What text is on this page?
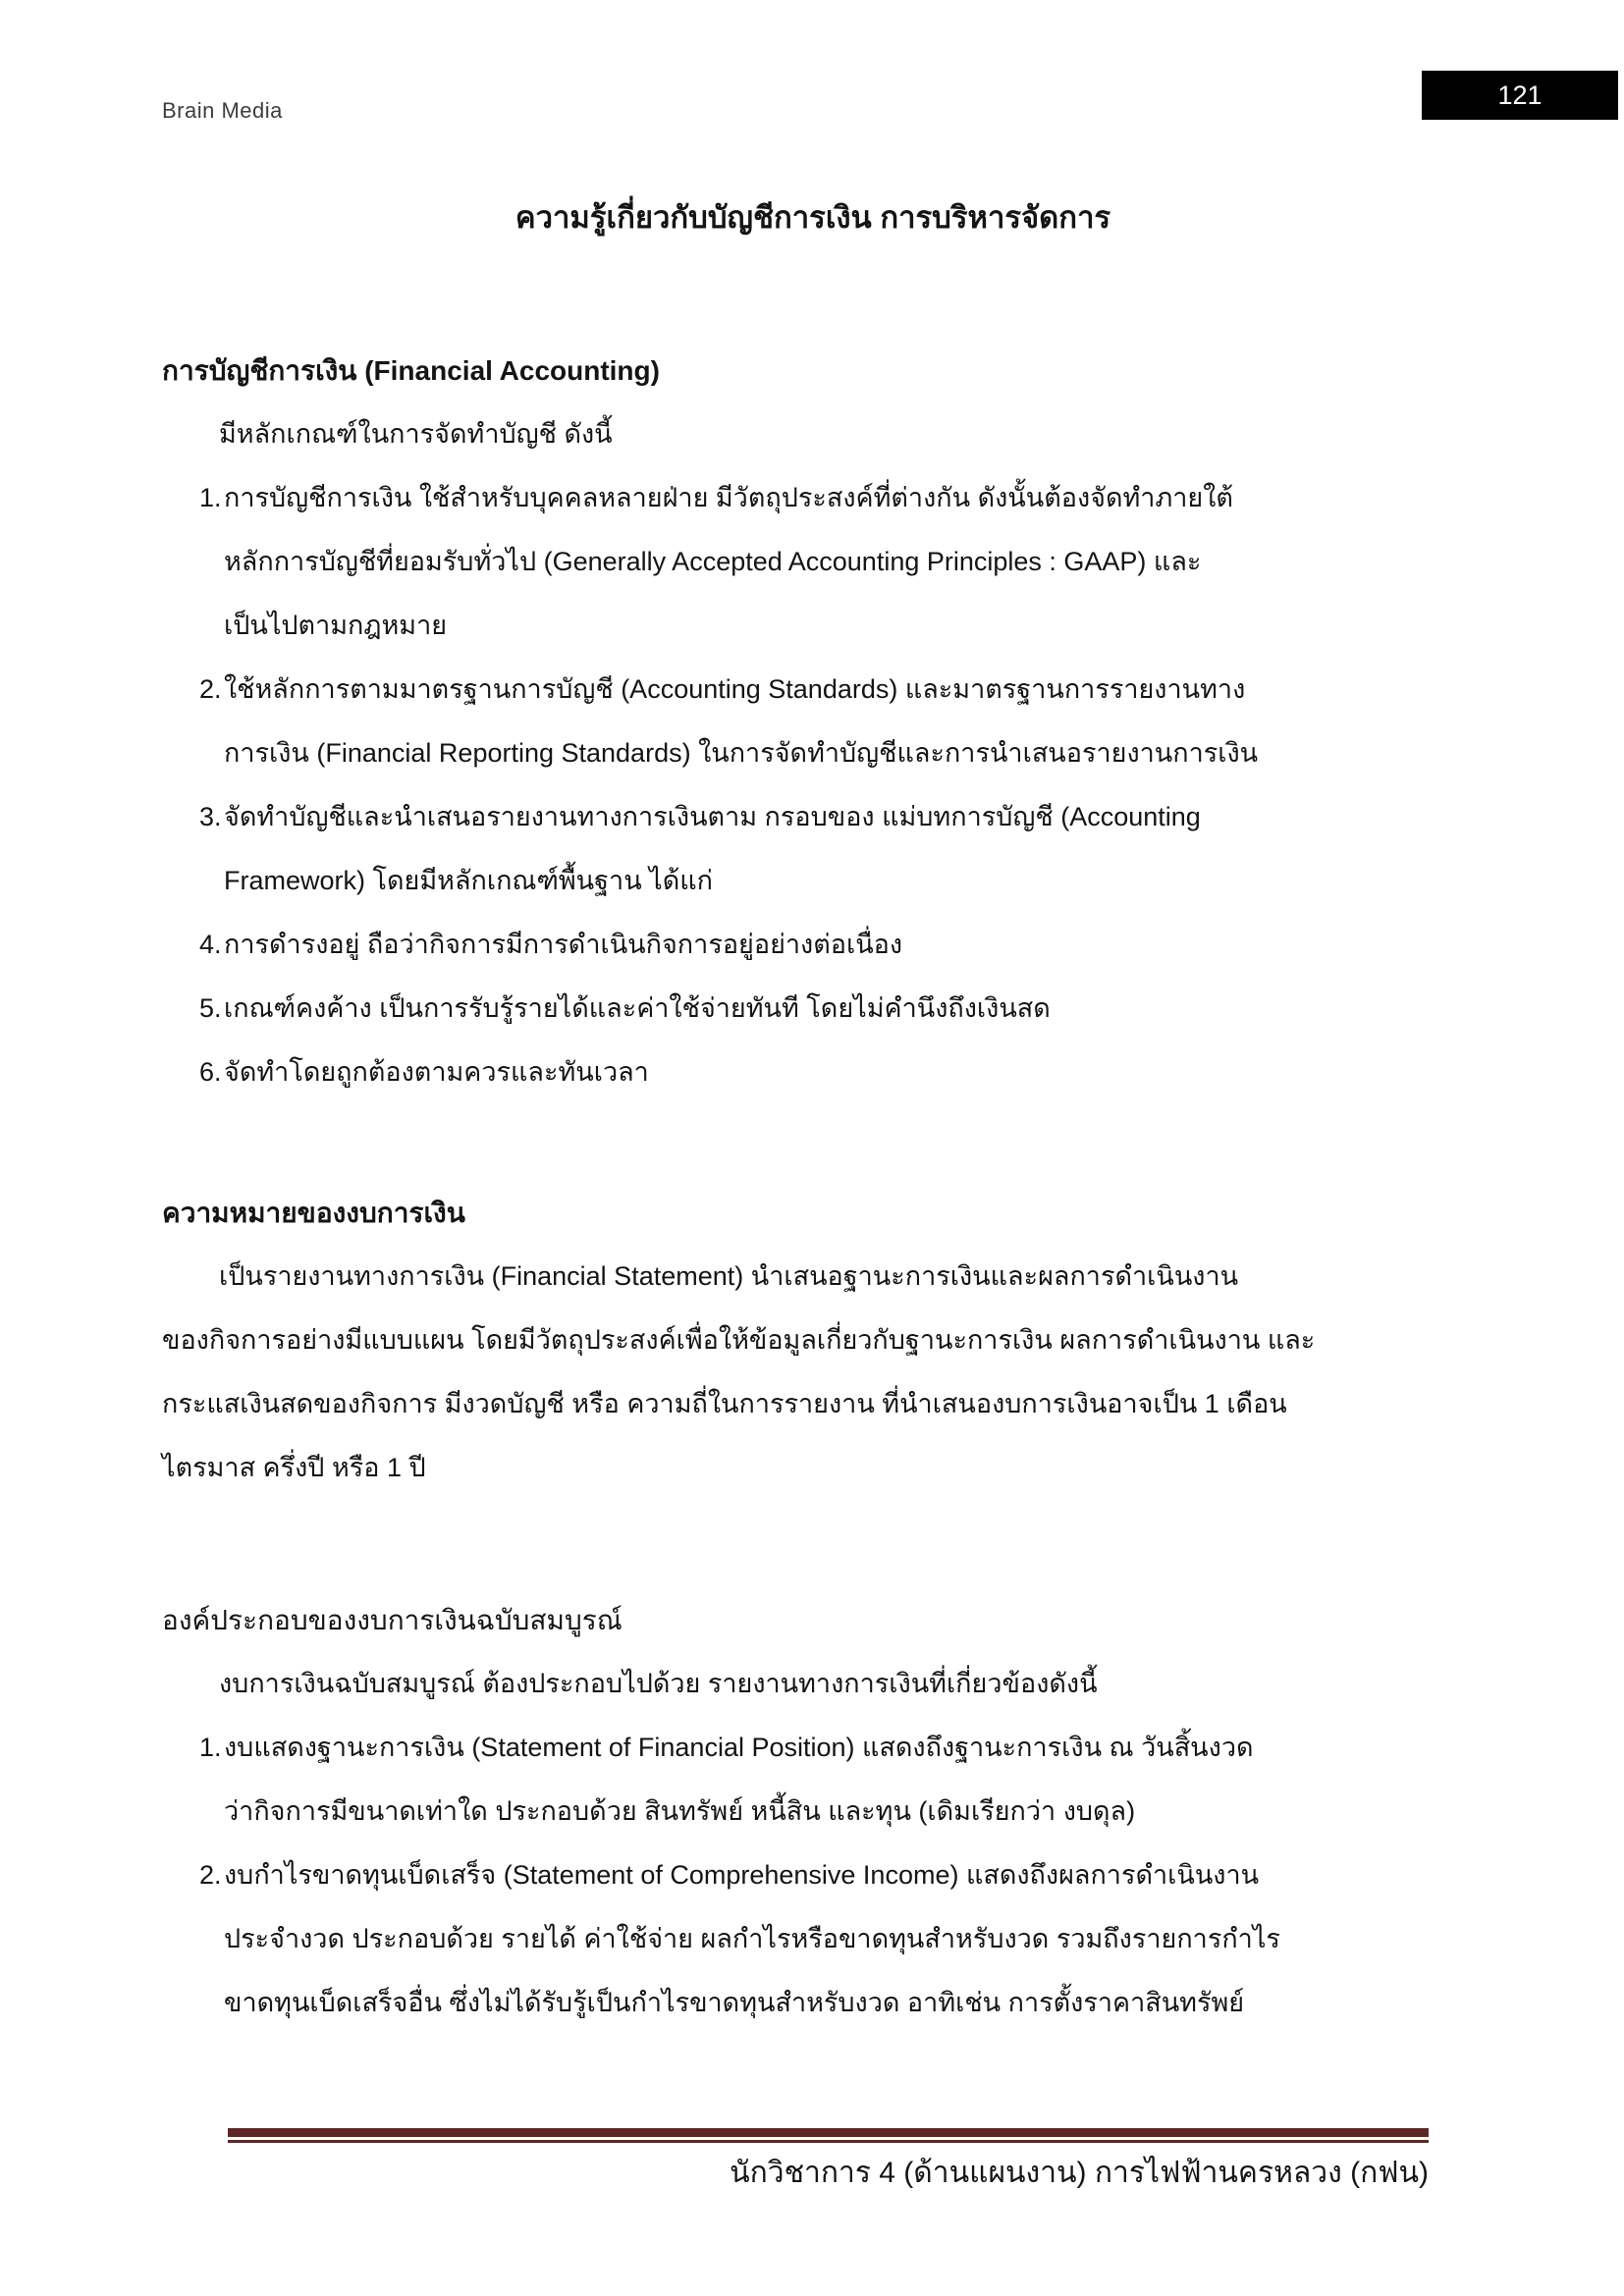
Brain Media
121
ความรู้เกี่ยวกับบัญชีการเงิน การบริหารจัดการ
การบัญชีการเงิน (Financial Accounting)
มีหลักเกณฑ์ในการจัดทำบัญชี ดังนี้
1.การบัญชีการเงิน ใช้สำหรับบุคคลหลายฝ่าย มีวัตถุประสงค์ที่ต่างกัน ดังนั้นต้องจัดทำภายใต้
หลักการบัญชีที่ยอมรับทั่วไป (Generally Accepted Accounting Principles : GAAP) และ
เป็นไปตามกฎหมาย
2.ใช้หลักการตามมาตรฐานการบัญชี (Accounting Standards) และมาตรฐานการรายงานทาง
การเงิน (Financial Reporting Standards) ในการจัดทำบัญชีและการนำเสนอรายงานการเงิน
3.จัดทำบัญชีและนำเสนอรายงานทางการเงินตาม กรอบของ แม่บทการบัญชี (Accounting
Framework) โดยมีหลักเกณฑ์พื้นฐาน ได้แก่
4.การดำรงอยู่ ถือว่ากิจการมีการดำเนินกิจการอยู่อย่างต่อเนื่อง
5.เกณฑ์คงค้าง เป็นการรับรู้รายได้และค่าใช้จ่ายทันที โดยไม่คำนึงถึงเงินสด
6.จัดทำโดยถูกต้องตามควรและทันเวลา
ความหมายของงบการเงิน
เป็นรายงานทางการเงิน (Financial Statement) นำเสนอฐานะการเงินและผลการดำเนินงาน
ของกิจการอย่างมีแบบแผน โดยมีวัตถุประสงค์เพื่อให้ข้อมูลเกี่ยวกับฐานะการเงิน ผลการดำเนินงาน และ
กระแสเงินสดของกิจการ มีงวดบัญชี หรือ ความถี่ในการรายงาน ที่นำเสนองบการเงินอาจเป็น 1 เดือน
ไตรมาส ครึ่งปี หรือ 1 ปี
องค์ประกอบของงบการเงินฉบับสมบูรณ์
งบการเงินฉบับสมบูรณ์ ต้องประกอบไปด้วย รายงานทางการเงินที่เกี่ยวข้องดังนี้
1.งบแสดงฐานะการเงิน (Statement of Financial Position) แสดงถึงฐานะการเงิน ณ วันสิ้นงวด
ว่ากิจการมีขนาดเท่าใด ประกอบด้วย สินทรัพย์ หนี้สิน และทุน (เดิมเรียกว่า งบดุล)
2.งบกำไรขาดทุนเบ็ดเสร็จ (Statement of Comprehensive Income) แสดงถึงผลการดำเนินงาน
ประจำงวด ประกอบด้วย รายได้ ค่าใช้จ่าย ผลกำไรหรือขาดทุนสำหรับงวด รวมถึงรายการกำไร
ขาดทุนเบ็ดเสร็จอื่น ซึ่งไม่ได้รับรู้เป็นกำไรขาดทุนสำหรับงวด อาทิเช่น การตั้งราคาสินทรัพย์
นักวิชาการ 4 (ด้านแผนงาน) การไฟฟ้านครหลวง (กฟน)
